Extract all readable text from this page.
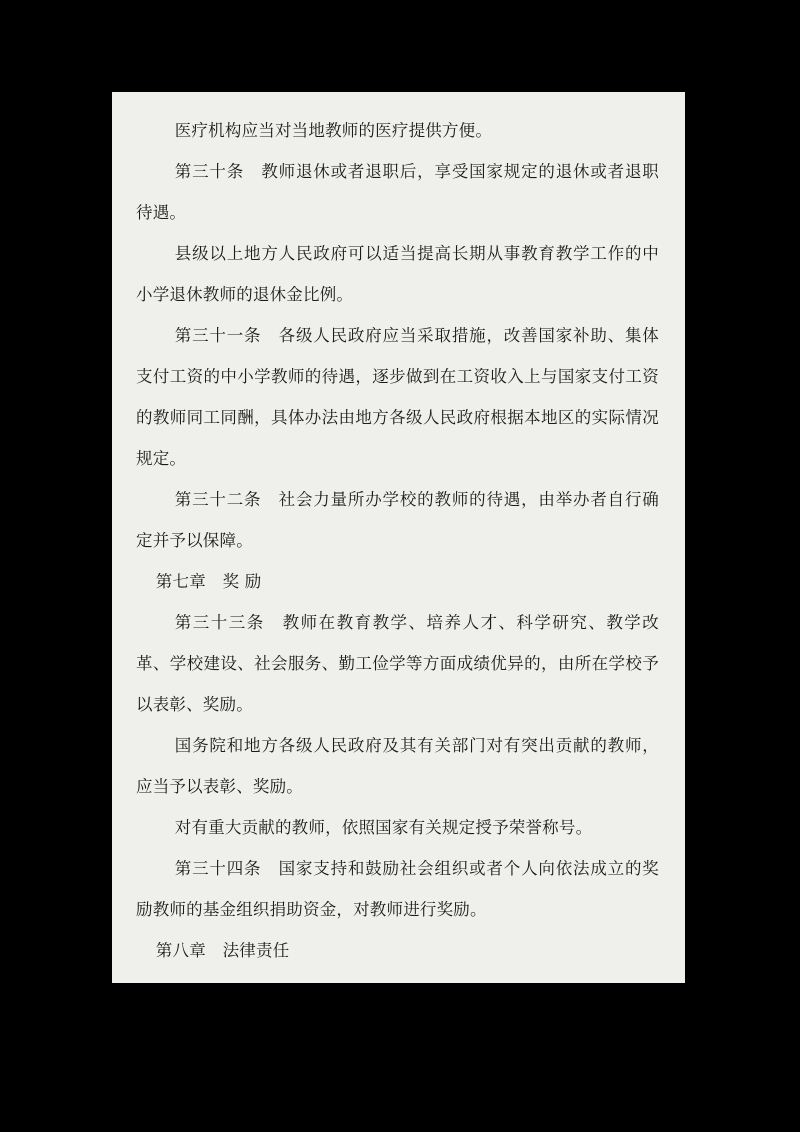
医疗机构应当对当地教师的医疗提供方便。

第三十条　教师退休或者退职后，享受国家规定的退休或者退职待遇。

县级以上地方人民政府可以适当提高长期从事教育教学工作的中小学退休教师的退休金比例。

第三十一条　各级人民政府应当采取措施，改善国家补助、集体支付工资的中小学教师的待遇，逐步做到在工资收入上与国家支付工资的教师同工同酬，具体办法由地方各级人民政府根据本地区的实际情况规定。

第三十二条　社会力量所办学校的教师的待遇，由举办者自行确定并予以保障。

第七章　奖 励

第三十三条　教师在教育教学、培养人才、科学研究、教学改革、学校建设、社会服务、勤工俭学等方面成绩优异的，由所在学校予以表彰、奖励。

国务院和地方各级人民政府及其有关部门对有突出贡献的教师，应当予以表彰、奖励。

对有重大贡献的教师，依照国家有关规定授予荣誉称号。

第三十四条　国家支持和鼓励社会组织或者个人向依法成立的奖励教师的基金组织捐助资金，对教师进行奖励。

第八章　法律责任
